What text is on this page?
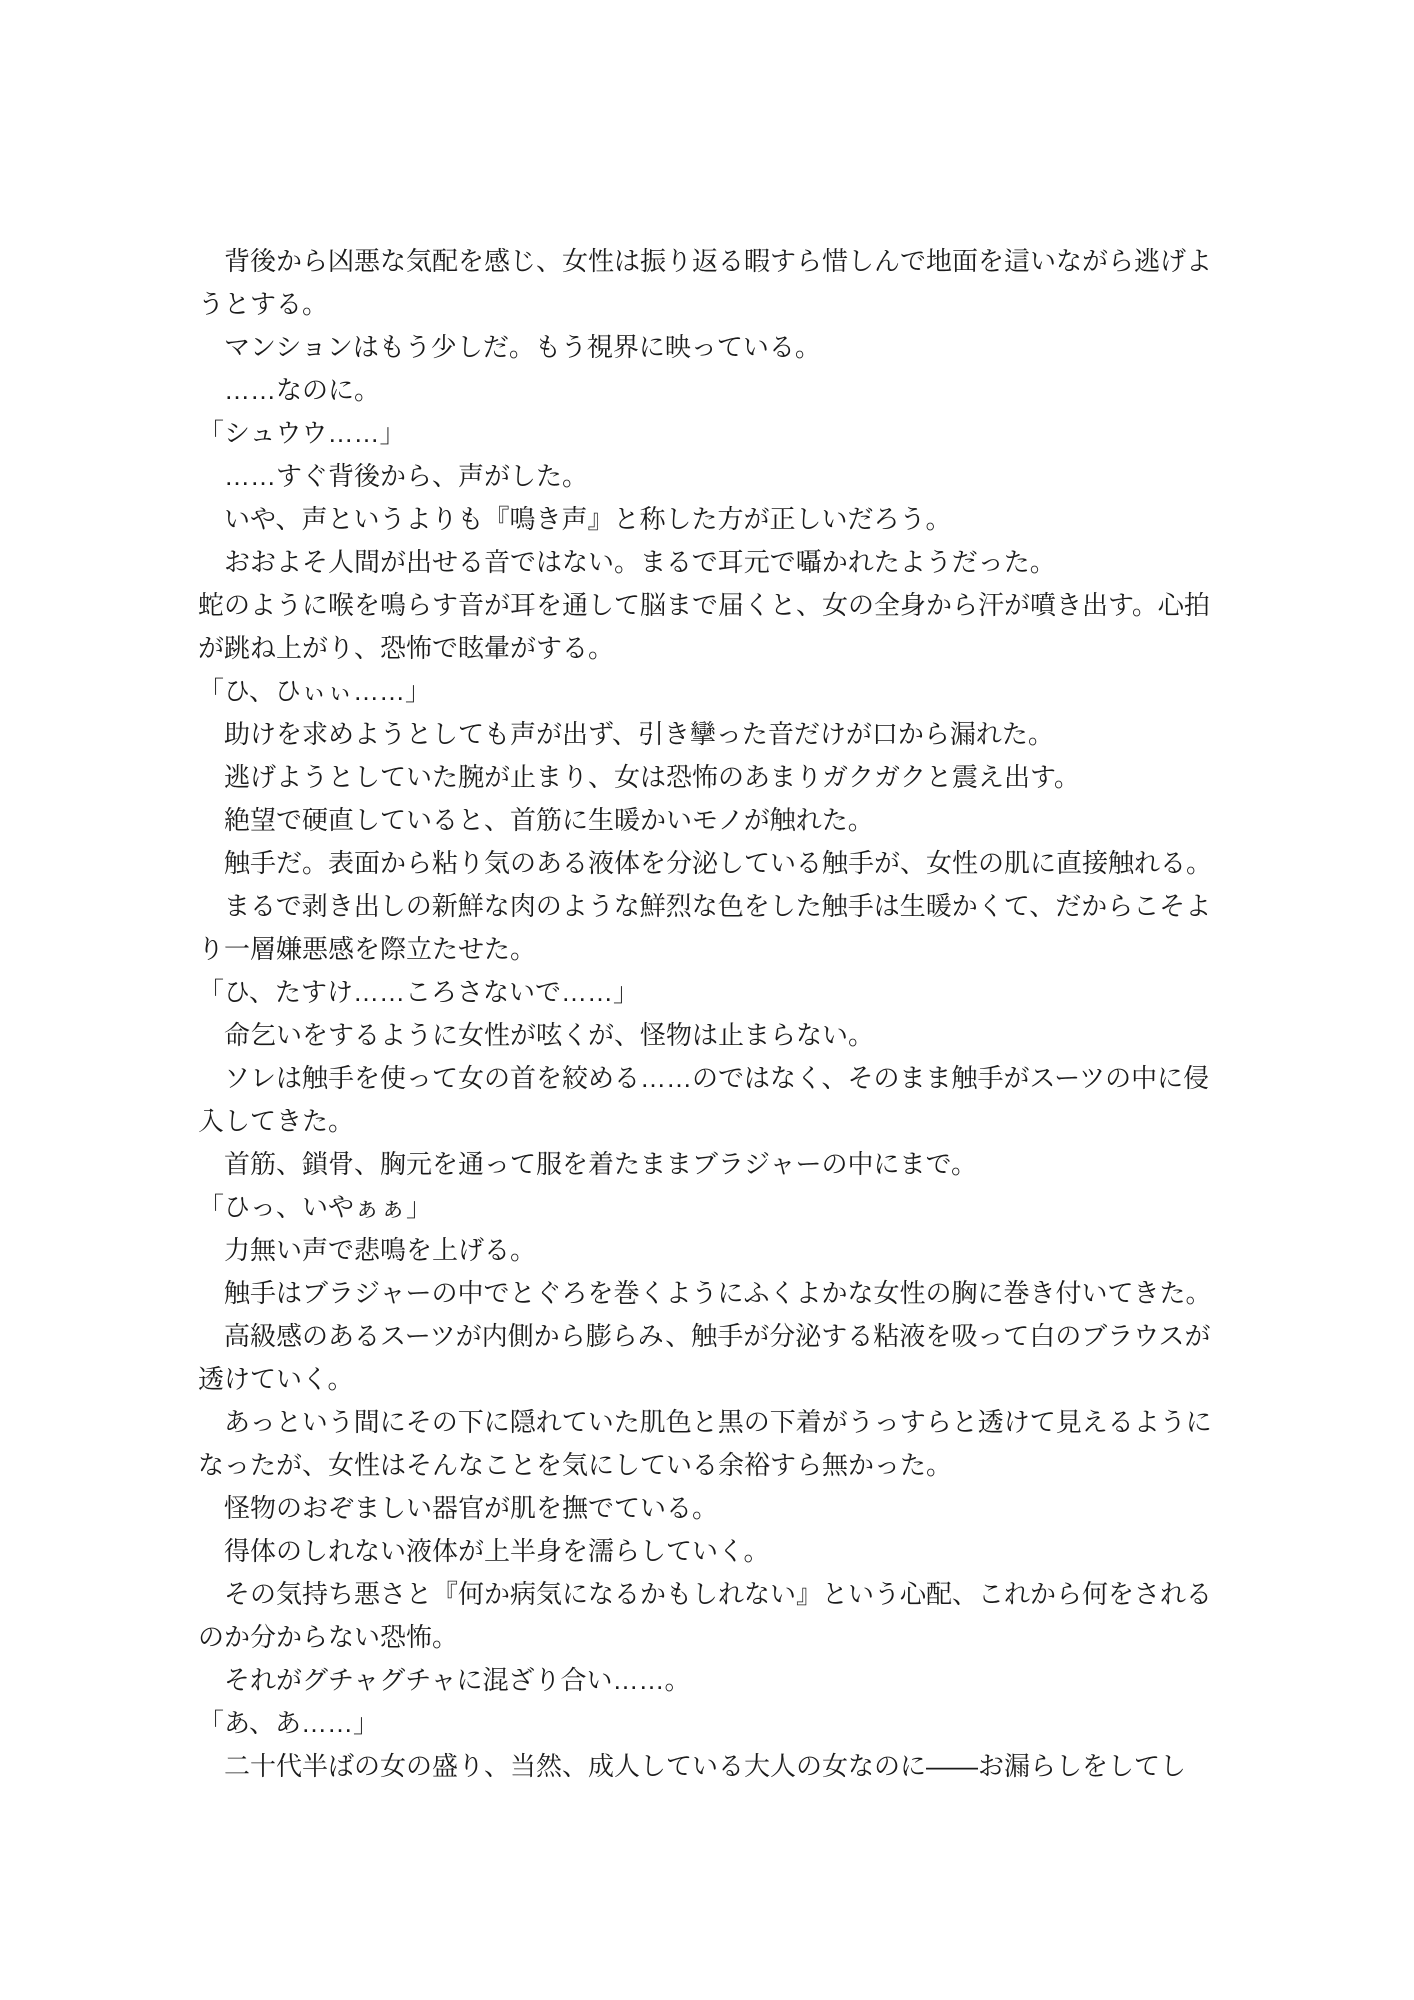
背後から凶悪な気配を感じ、女性は振り返る暇すら惜しんで地面を這いながら逃げよ
うとする。
マンションはもう少しだ。もう視界に映っている。
……なのに。
「シュウウ……」
……すぐ背後から、声がした。
いや、声というよりも『鳴き声』と称した方が正しいだろう。
おおよそ人間が出せる音ではない。まるで耳元で囁かれたようだった。
蛇のように喉を鳴らす音が耳を通して脳まで届くと、女の全身から汗が噴き出す。心拍
が跳ね上がり、恐怖で眩暈がする。
「ひ、ひぃぃ……」
助けを求めようとしても声が出ず、引き攣った音だけが口から漏れた。
逃げようとしていた腕が止まり、女は恐怖のあまりガクガクと震え出す。
絶望で硬直していると、首筋に生暖かいモノが触れた。
触手だ。表面から粘り気のある液体を分泌している触手が、女性の肌に直接触れる。
まるで剥き出しの新鮮な肉のような鮮烈な色をした触手は生暖かくて、だからこそよ
り一層嫌悪感を際立たせた。
「ひ、たすけ……ころさないで……」
命乞いをするように女性が呟くが、怪物は止まらない。
ソレは触手を使って女の首を絞める……のではなく、そのまま触手がスーツの中に侵
入してきた。
首筋、鎖骨、胸元を通って服を着たままブラジャーの中にまで。
「ひっ、いやぁぁ」
力無い声で悲鳴を上げる。
触手はブラジャーの中でとぐろを巻くようにふくよかな女性の胸に巻き付いてきた。
高級感のあるスーツが内側から膨らみ、触手が分泌する粘液を吸って白のブラウスが
透けていく。
あっという間にその下に隠れていた肌色と黒の下着がうっすらと透けて見えるように
なったが、女性はそんなことを気にしている余裕すら無かった。
怪物のおぞましい器官が肌を撫でている。
得体のしれない液体が上半身を濡らしていく。
その気持ち悪さと『何か病気になるかもしれない』という心配、これから何をされる
のか分からない恐怖。
それがグチャグチャに混ざり合い……。
「あ、あ……」
二十代半ばの女の盛り、当然、成人している大人の女なのに——お漏らしをしてし
